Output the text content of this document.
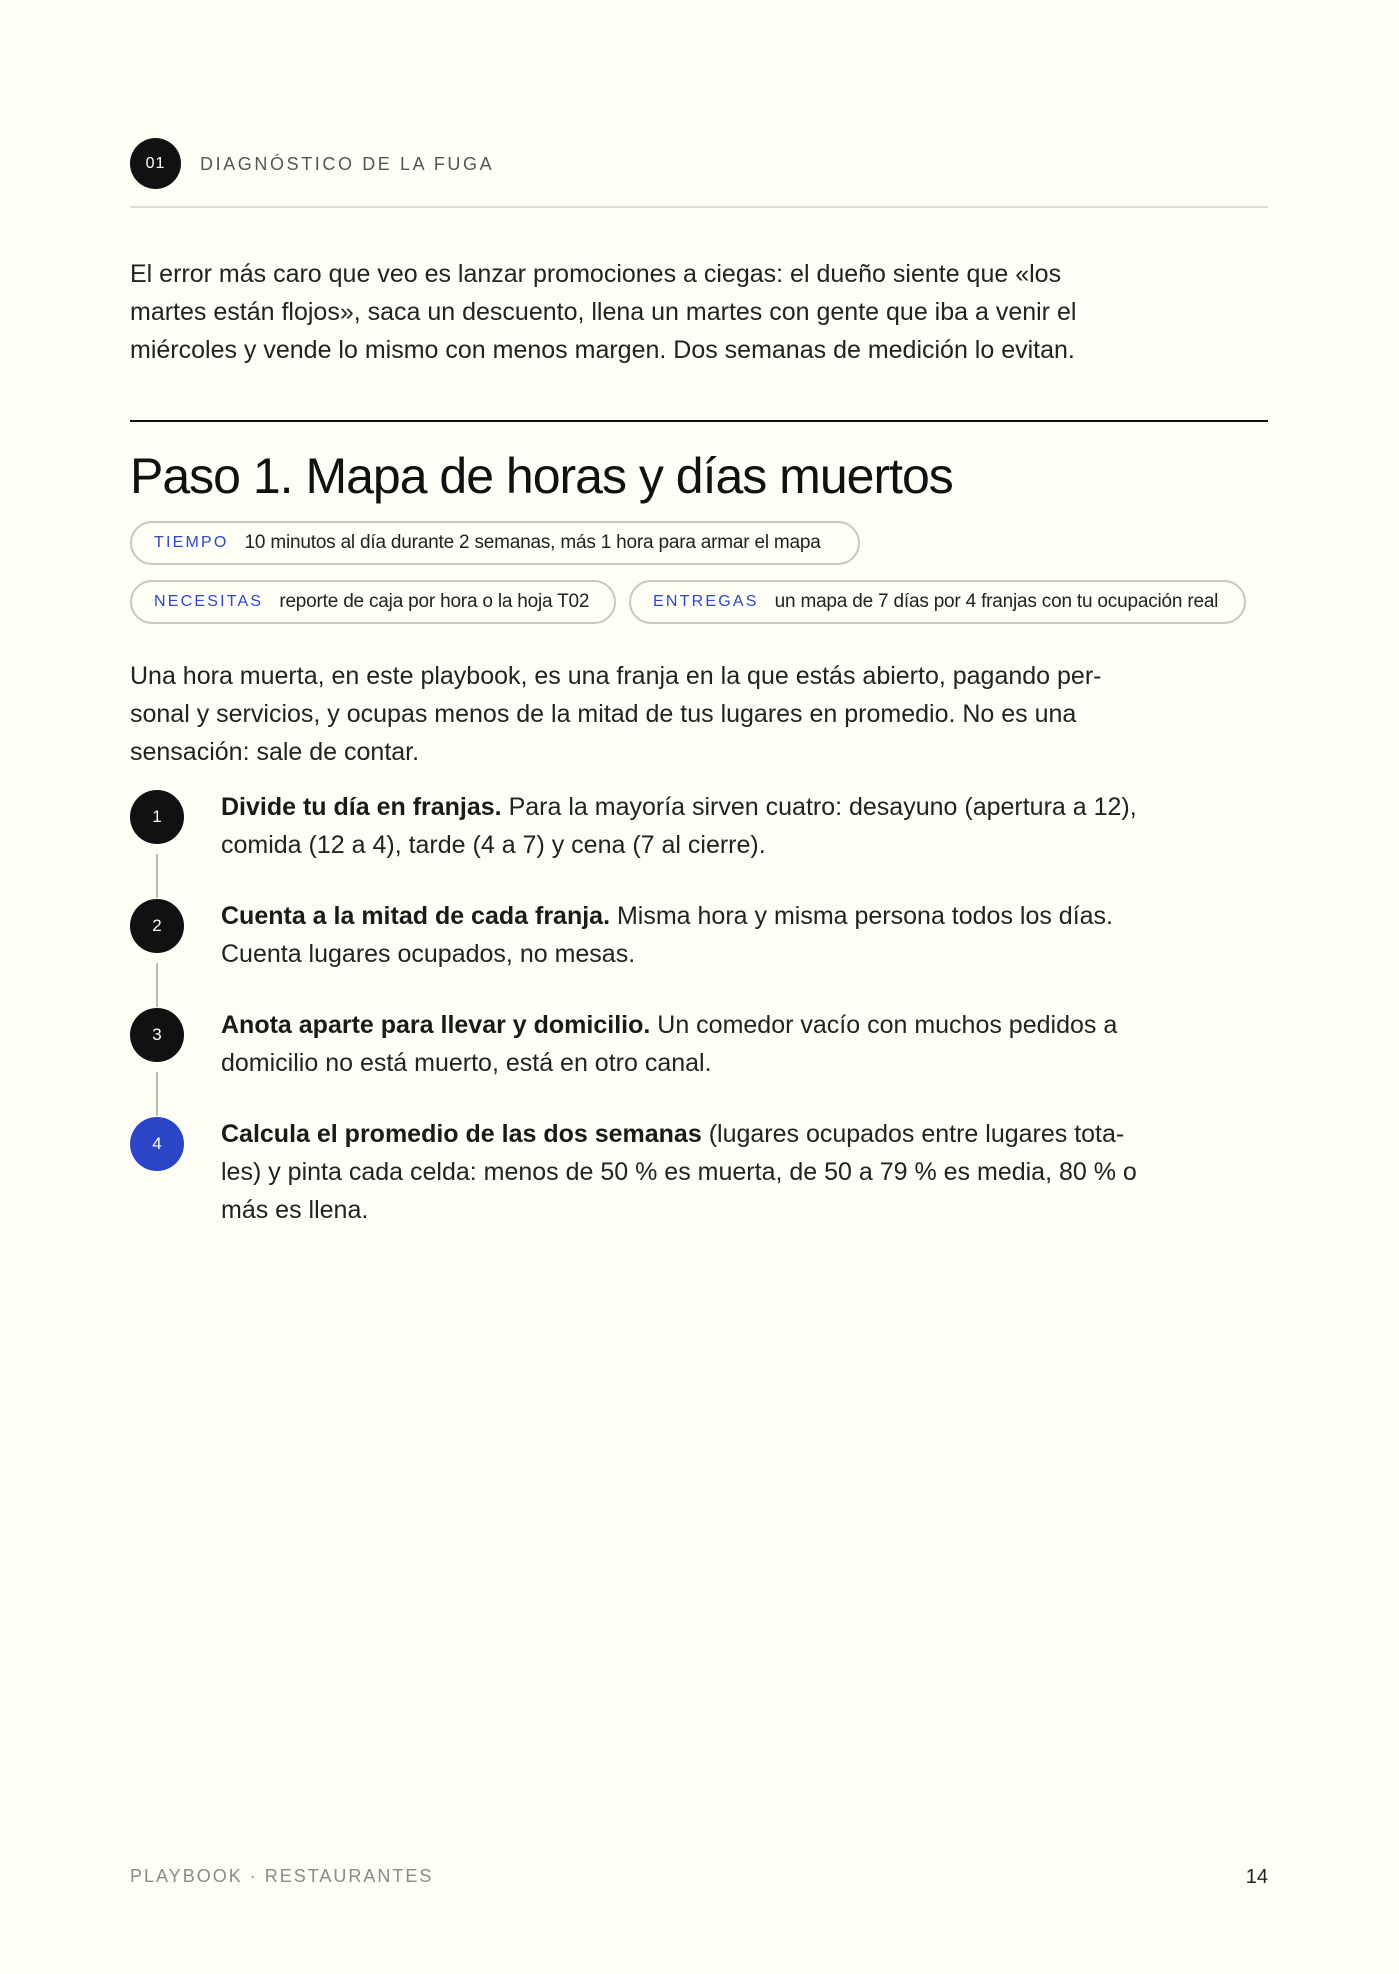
01	DIAGNÓSTICO DE LA FUGA

El error más caro que veo es lanzar promociones a ciegas: el dueño siente que «los martes están flojos», saca un descuento, llena un martes con gente que iba a venir el miércoles y vende lo mismo con menos margen. Dos semanas de medición lo evitan.

Paso 1. Mapa de horas y días muertos
TIEMPO 10 minutos al día durante 2 semanas, más 1 hora para armar el mapa
NECESITAS reporte de caja por hora o la hoja T02	ENTREGAS un mapa de 7 días por 4 franjas con tu ocupación real

Una hora muerta, en este playbook, es una franja en la que estás abierto, pagando personal y servicios, y ocupas menos de la mitad de tus lugares en promedio. No es una sensación: sale de contar.

1	Divide tu día en franjas. Para la mayoría sirven cuatro: desayuno (apertura a 12), comida (12 a 4), tarde (4 a 7) y cena (7 al cierre).

2	Cuenta a la mitad de cada franja. Misma hora y misma persona todos los días. Cuenta lugares ocupados, no mesas.

3	Anota aparte para llevar y domicilio. Un comedor vacío con muchos pedidos a domicilio no está muerto, está en otro canal.

4	Calcula el promedio de las dos semanas (lugares ocupados entre lugares totales) y pinta cada celda: menos de 50 % es muerta, de 50 a 79 % es media, 80 % o más es llena.

PLAYBOOK · RESTAURANTES	14
